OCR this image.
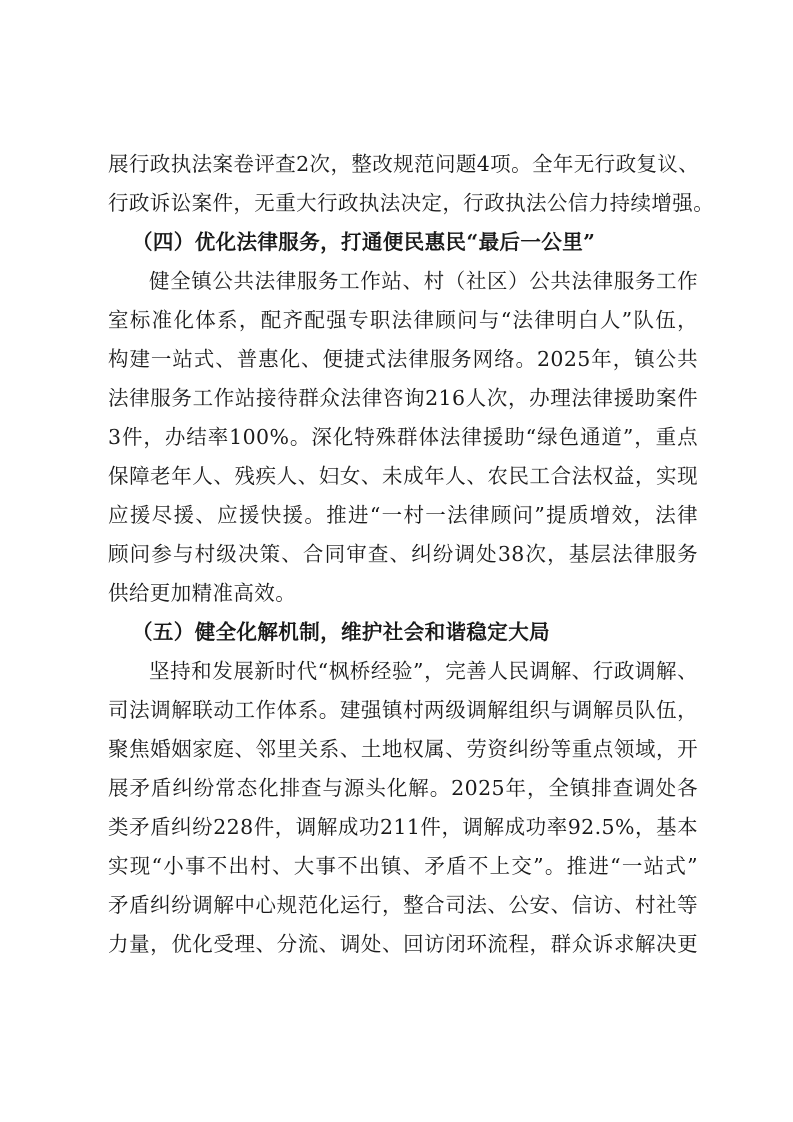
展行政执法案卷评查2次，整改规范问题4项。全年无行政复议、
行政诉讼案件，无重大行政执法决定，行政执法公信力持续增强。
（四）优化法律服务，打通便民惠民“最后一公里”
健全镇公共法律服务工作站、村（社区）公共法律服务工作
室标准化体系，配齐配强专职法律顾问与“法律明白人”队伍，
构建一站式、普惠化、便捷式法律服务网络。2025年，镇公共
法律服务工作站接待群众法律咨询216人次，办理法律援助案件
3件，办结率100%。深化特殊群体法律援助“绿色通道”，重点
保障老年人、残疾人、妇女、未成年人、农民工合法权益，实现
应援尽援、应援快援。推进“一村一法律顾问”提质增效，法律
顾问参与村级决策、合同审查、纠纷调处38次，基层法律服务
供给更加精准高效。
（五）健全化解机制，维护社会和谐稳定大局
坚持和发展新时代“枫桥经验”，完善人民调解、行政调解、
司法调解联动工作体系。建强镇村两级调解组织与调解员队伍，
聚焦婚姻家庭、邻里关系、土地权属、劳资纠纷等重点领域，开
展矛盾纠纷常态化排查与源头化解。2025年，全镇排查调处各
类矛盾纠纷228件，调解成功211件，调解成功率92.5%，基本
实现“小事不出村、大事不出镇、矛盾不上交”。推进“一站式”
矛盾纠纷调解中心规范化运行，整合司法、公安、信访、村社等
力量，优化受理、分流、调处、回访闭环流程，群众诉求解决更
